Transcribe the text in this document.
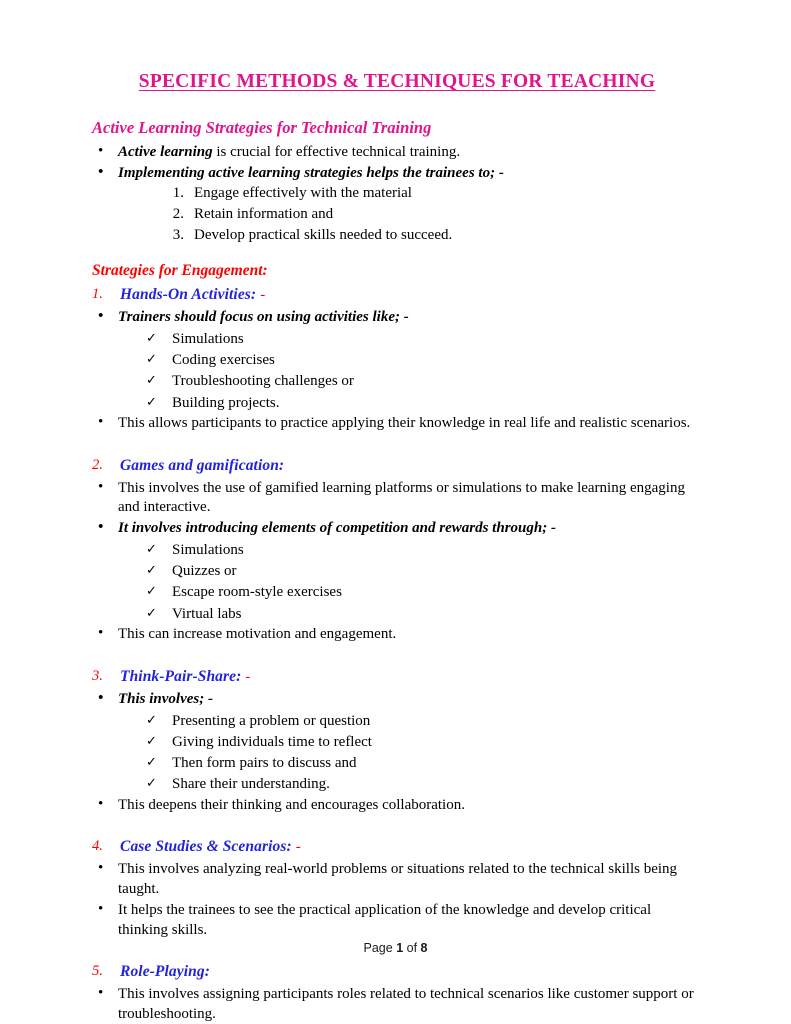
SPECIFIC METHODS & TECHNIQUES FOR TEACHING
Active Learning Strategies for Technical Training
• Active learning is crucial for effective technical training.
• Implementing active learning strategies helps the trainees to; -
1. Engage effectively with the material
2. Retain information and
3. Develop practical skills needed to succeed.
Strategies for Engagement:
1.	Hands-On Activities: -
• Trainers should focus on using activities like; -
✓ Simulations
✓ Coding exercises
✓ Troubleshooting challenges or
✓ Building projects.
• This allows participants to practice applying their knowledge in real life and realistic scenarios.
2.	Games and gamification:
• This involves the use of gamified learning platforms or simulations to make learning engaging and interactive.
• It involves introducing elements of competition and rewards through; -
✓ Simulations
✓ Quizzes or
✓ Escape room-style exercises
✓ Virtual labs
• This can increase motivation and engagement.
3.	Think-Pair-Share: -
• This involves; -
✓ Presenting a problem or question
✓ Giving individuals time to reflect
✓ Then form pairs to discuss and
✓ Share their understanding.
• This deepens their thinking and encourages collaboration.
4.	Case Studies & Scenarios: -
• This involves analyzing real-world problems or situations related to the technical skills being taught.
• It helps the trainees to see the practical application of the knowledge and develop critical thinking skills.
5.	Role-Playing:
• This involves assigning participants roles related to technical scenarios like customer support or troubleshooting.
Page 1 of 8
